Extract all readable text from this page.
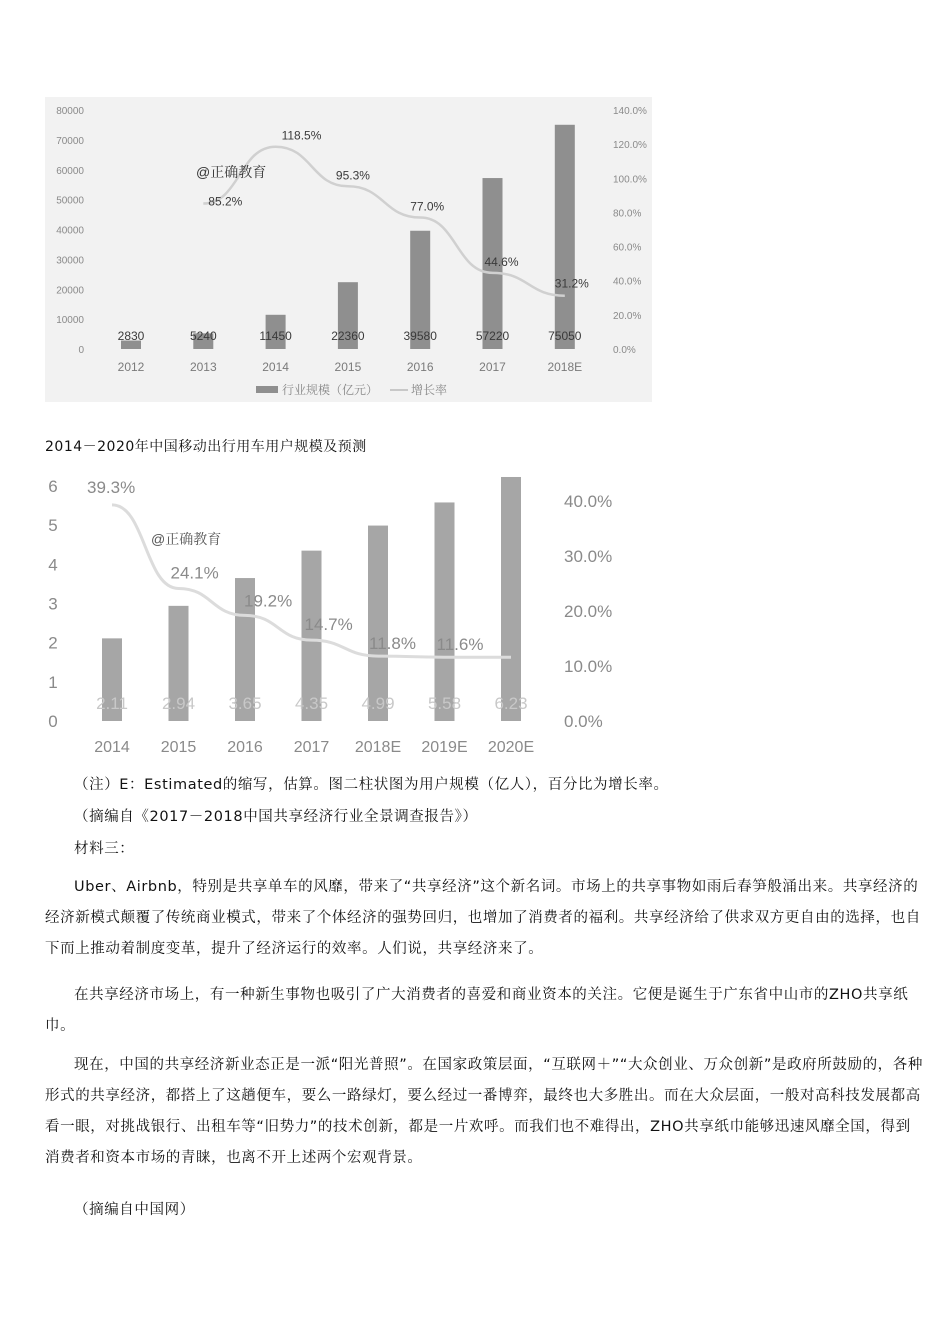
0
10000
20000
30000
40000
50000
60000
70000
80000
0.0%
20.0%
40.0%
60.0%
80.0%
100.0%
120.0%
140.0%
2830	5240	11450	22360	39580	57220	75050
2012	2013	2014	2015	2016	2017	2018E
85.2%
118.5%
95.3%
77.0%
44.6%
31.2%
@正确教育
行业规模（亿元）	增长率
2014－2020年中国移动出行用车用户规模及预测
0
1
2
3
4
5
6
0.0%
10.0%
20.0%
30.0%
40.0%
2.11 2.94 3.65 4.35 4.99 5.58 6.23
2014 2015 2016 2017 2018E 2019E 2020E
39.3%
24.1%
19.2%
14.7%
11.8% 11.6%
@正确教育
（注）E：Estimated的缩写，估算。图二柱状图为用户规模（亿人），百分比为增长率。
（摘编自《2017－2018中国共享经济行业全景调查报告》）
材料三：
Uber、Airbnb，特别是共享单车的风靡，带来了“共享经济”这个新名词。市场上的共享事物如雨后春笋般涌出来。共享经济的经济新模式颠覆了传统商业模式，带来了个体经济的强势回归，也增加了消费者的福利。共享经济给了供求双方更自由的选择，也自下而上推动着制度变革，提升了经济运行的效率。人们说，共享经济来了。
在共享经济市场上，有一种新生事物也吸引了广大消费者的喜爱和商业资本的关注。它便是诞生于广东省中山市的ZHO共享纸巾。
现在，中国的共享经济新业态正是一派“阳光普照”。在国家政策层面，“互联网＋”“大众创业、万众创新”是政府所鼓励的，各种形式的共享经济，都搭上了这趟便车，要么一路绿灯，要么经过一番博弈，最终也大多胜出。而在大众层面，一般对高科技发展都高看一眼，对挑战银行、出租车等“旧势力”的技术创新，都是一片欢呼。而我们也不难得出，ZHO共享纸巾能够迅速风靡全国，得到消费者和资本市场的青睐，也离不开上述两个宏观背景。
（摘编自中国网）
